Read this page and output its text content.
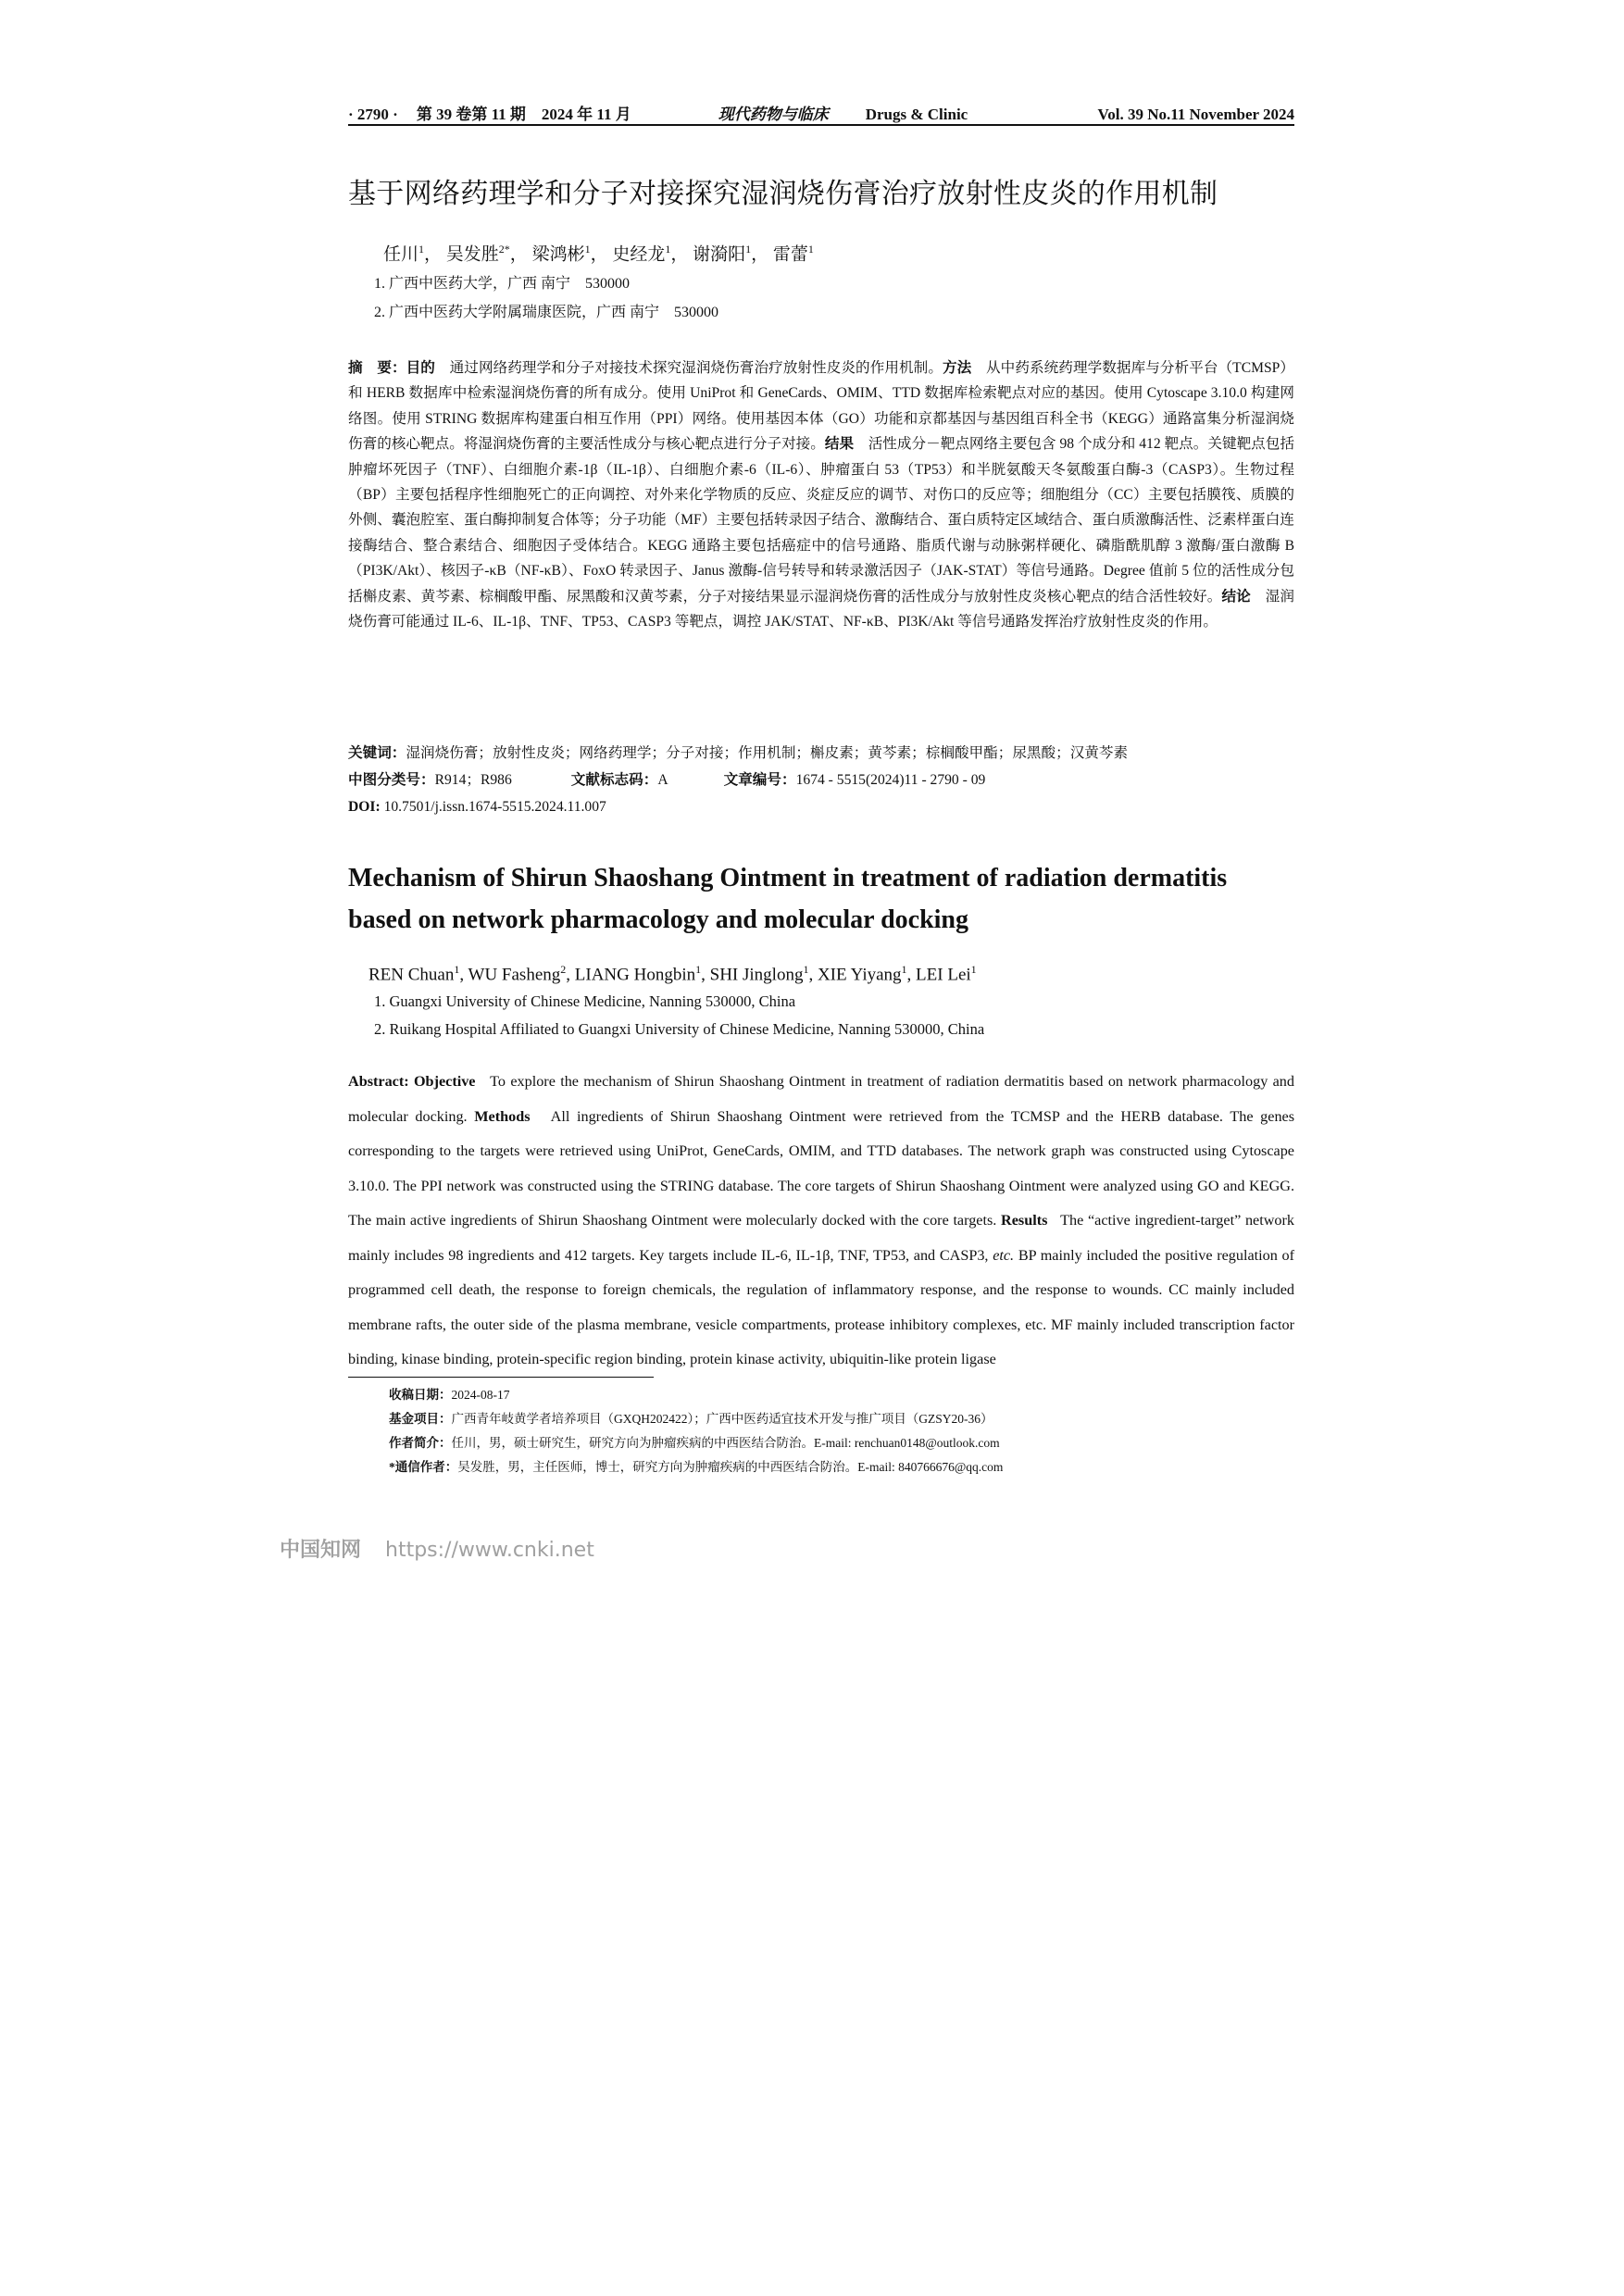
· 2790 · 第 39 卷第 11 期　2024 年 11 月	现代药物与临床 Drugs & Clinic	Vol. 39 No.11 November 2024
基于网络药理学和分子对接探究湿润烧伤膏治疗放射性皮炎的作用机制
任川$^1$， 吴发胜$^{2*}$， 梁鸿彬$^1$， 史经龙$^1$， 谢漪阳$^1$， 雷蕾$^1$
1. 广西中医药大学，广西 南宁　530000
2. 广西中医药大学附属瑞康医院，广西 南宁　530000
摘　要：目的　 通过网络药理学和分子对接技术探究湿润烧伤膏治疗放射性皮炎的作用机制。方法　 从中药系统药理学数据库与分析平台（TCMSP）和 HERB 数据库中检索湿润烧伤膏的所有成分。使用 UniProt 和 GeneCards、OMIM、TTD 数据库检索靶点对应的基因。使用 Cytoscape 3.10.0 构建网络图。使用 STRING 数据库构建蛋白相互作用（PPI）网络。使用基因本体（GO）功能和京都基因与基因组百科全书（KEGG）通路富集分析湿润烧伤膏的核心靶点。将湿润烧伤膏的主要活性成分与核心靶点进行分子对接。结果　 活性成分－靶点网络主要包含 98 个成分和 412 靶点。关键靶点包括肿瘤坏死因子（TNF）、白细胞介素-1β（IL-1β）、白细胞介素-6（IL-6）、肿瘤蛋白 53（TP53）和半胱氨酸天冬氨酸蛋白酶-3（CASP3）。生物过程（BP）主要包括程序性细胞死亡的正向调控、对外来化学物质的反应、炎症反应的调节、对伤口的反应等；细胞组分（CC）主要包括膜筏、质膜的外侧、囊泡腔室、蛋白酶抑制复合体等；分子功能（MF）主要包括转录因子结合、激酶结合、蛋白质特定区域结合、蛋白质激酶活性、泛素样蛋白连接酶结合、整合素结合、细胞因子受体结合。KEGG 通路主要包括癌症中的信号通路、脂质代谢与动脉粥样硬化、磷脂酰肌醇 3 激酶/蛋白激酶 B（PI3K/Akt）、核因子-κB（NF-κB）、FoxO 转录因子、Janus 激酶-信号转导和转录激活因子（JAK-STAT）等信号通路。Degree 值前 5 位的活性成分包括槲皮素、黄芩素、棕榈酸甲酯、尿黑酸和汉黄芩素，分子对接结果显示湿润烧伤膏的活性成分与放射性皮炎核心靶点的结合活性较好。结论　 湿润烧伤膏可能通过 IL-6、IL-1β、TNF、TP53、CASP3 等靶点，调控 JAK/STAT、NF-κB、PI3K/Akt 等信号通路发挥治疗放射性皮炎的作用。
关键词：湿润烧伤膏；放射性皮炎；网络药理学；分子对接；作用机制；槲皮素；黄芩素；棕榈酸甲酯；尿黑酸；汉黄芩素
中图分类号：R914；R986	文献标志码：A	文章编号：1674 - 5515(2024)11 - 2790 - 09
DOI: 10.7501/j.issn.1674-5515.2024.11.007
Mechanism of Shirun Shaoshang Ointment in treatment of radiation dermatitis based on network pharmacology and molecular docking
REN Chuan$^1$, WU Fasheng$^2$, LIANG Hongbin$^1$, SHI Jinglong$^1$, XIE Yiyang$^1$, LEI Lei$^1$
1. Guangxi University of Chinese Medicine, Nanning 530000, China
2. Ruikang Hospital Affiliated to Guangxi University of Chinese Medicine, Nanning 530000, China
Abstract: Objective To explore the mechanism of Shirun Shaoshang Ointment in treatment of radiation dermatitis based on network pharmacology and molecular docking. Methods All ingredients of Shirun Shaoshang Ointment were retrieved from the TCMSP and the HERB database. The genes corresponding to the targets were retrieved using UniProt, GeneCards, OMIM, and TTD databases. The network graph was constructed using Cytoscape 3.10.0. The PPI network was constructed using the STRING database. The core targets of Shirun Shaoshang Ointment were analyzed using GO and KEGG. The main active ingredients of Shirun Shaoshang Ointment were molecularly docked with the core targets. Results The “active ingredient-target” network mainly includes 98 ingredients and 412 targets. Key targets include IL-6, IL-1β, TNF, TP53, and CASP3, etc. BP mainly included the positive regulation of programmed cell death, the response to foreign chemicals, the regulation of inflammatory response, and the response to wounds. CC mainly included membrane rafts, the outer side of the plasma membrane, vesicle compartments, protease inhibitory complexes, etc. MF mainly included transcription factor binding, kinase binding, protein-specific region binding, protein kinase activity, ubiquitin-like protein ligase
收稿日期：2024-08-17
基金项目：广西青年岐黄学者培养项目（GXQH202422）；广西中医药适宜技术开发与推广项目（GZSY20-36）
作者简介：任川，男，硕士研究生，研究方向为肿瘤疾病的中西医结合防治。E-mail: renchuan0148@outlook.com
*通信作者：吴发胜，男，主任医师，博士，研究方向为肿瘤疾病的中西医结合防治。E-mail: 840766676@qq.com
中国知网 https://www.cnki.net
